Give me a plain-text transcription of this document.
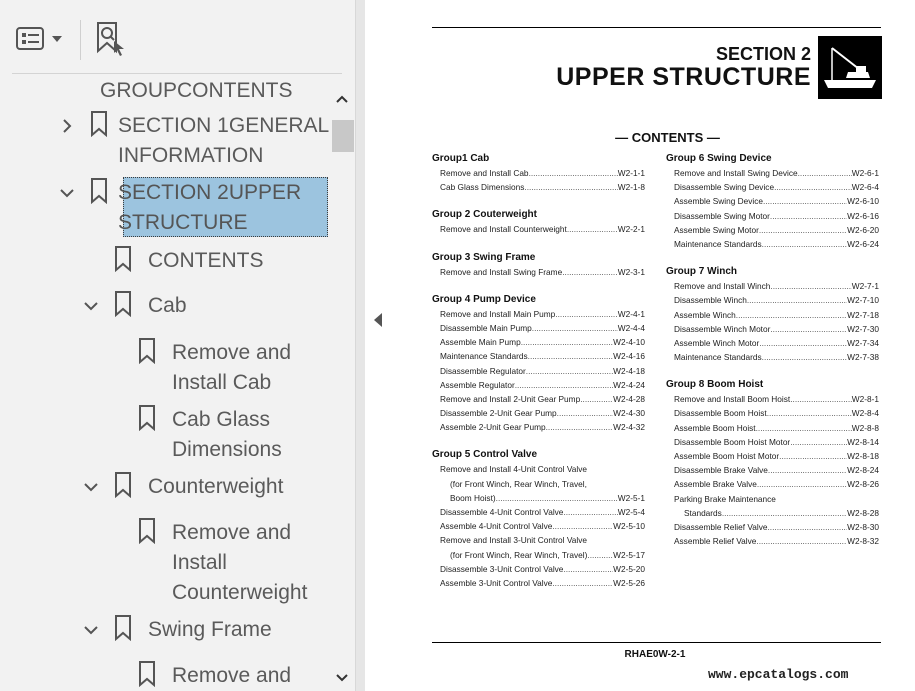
GROUPCONTENTS
SECTION 1GENERAL
INFORMATION
SECTION 2UPPER
STRUCTURE
CONTENTS
Cab
Remove and
Install Cab
Cab Glass
Dimensions
Counterweight
Remove and
Install
Counterweight
Swing Frame
Remove and
SECTION 2
UPPER STRUCTURE
— CONTENTS —
Group1 Cab
Remove and Install Cab .....	W2-1-1
Cab Glass Dimensions .....	W2-1-8
Group 2 Couterweight
Remove and Install Counterweight .....	W2-2-1
Group 3 Swing Frame
Remove and Install Swing Frame .....	W2-3-1
Group 4 Pump Device
Remove and Install Main Pump .....	W2-4-1
Disassemble Main Pump .....	W2-4-4
Assemble Main Pump .....	W2-4-10
Maintenance Standards .....	W2-4-16
Disassemble Regulator .....	W2-4-18
Assemble Regulator .....	W2-4-24
Remove and Install 2-Unit Gear Pump .....	W2-4-28
Disassemble 2-Unit Gear Pump .....	W2-4-30
Assemble 2-Unit Gear Pump .....	W2-4-32
Group 5 Control Valve
Remove and Install 4-Unit Control Valve
(for Front Winch, Rear Winch, Travel,
Boom Hoist) .....	W2-5-1
Disassemble 4-Unit Control Valve .....	W2-5-4
Assemble 4-Unit Control Valve .....	W2-5-10
Remove and Install 3-Unit Control Valve
(for Front Winch, Rear Winch, Travel) .....	W2-5-17
Disassemble 3-Unit Control Valve .....	W2-5-20
Assemble 3-Unit Control Valve .....	W2-5-26
Group 6 Swing Device
Remove and Install Swing Device .....	W2-6-1
Disassemble Swing Device .....	W2-6-4
Assemble Swing Device .....	W2-6-10
Disassemble Swing Motor .....	W2-6-16
Assemble Swing Motor .....	W2-6-20
Maintenance Standards .....	W2-6-24
Group 7 Winch
Remove and Install Winch .....	W2-7-1
Disassemble Winch .....	W2-7-10
Assemble Winch .....	W2-7-18
Disassemble Winch Motor .....	W2-7-30
Assemble Winch Motor .....	W2-7-34
Maintenance Standards .....	W2-7-38
Group 8 Boom Hoist
Remove and Install Boom Hoist .....	W2-8-1
Disassemble Boom Hoist .....	W2-8-4
Assemble Boom Hoist .....	W2-8-8
Disassemble Boom Hoist Motor .....	W2-8-14
Assemble Boom Hoist Motor .....	W2-8-18
Disassemble Brake Valve .....	W2-8-24
Assemble Brake Valve .....	W2-8-26
Parking Brake Maintenance
Standards .....	W2-8-28
Disassemble Relief Valve .....	W2-8-30
Assemble Relief Valve .....	W2-8-32
RHAE0W-2-1
www.epcatalogs.com
